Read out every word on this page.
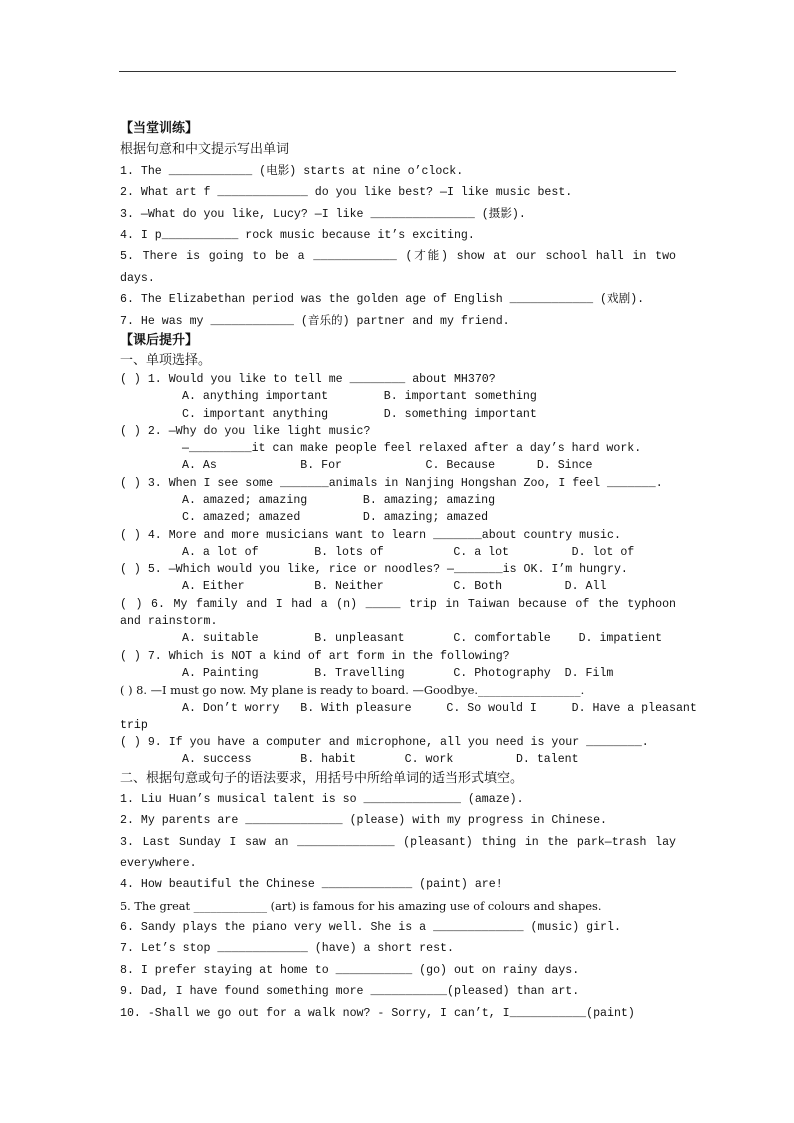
【当堂训练】
根据句意和中文提示写出单词
1. The ____________ (电影) starts at nine o’clock.
2. What art f _____________ do you like best? —I like music best.
3. —What do you like, Lucy? —I like _______________ (摄影).
4. I p___________ rock music because it’s exciting.
5. There is going to be a ____________ (才能) show at our school hall in two
days.
6. The Elizabethan period was the golden age of English ____________ (戏剧).
7. He was my ____________ (音乐的) partner and my friend.
【课后提升】
一、单项选择。
( ) 1. Would you like to tell me ________ about MH370?
A. anything important        B. important something
C. important anything        D. something important
( ) 2. —Why do you like light music?
—_________it can make people feel relaxed after a day’s hard work.
A. As            B. For            C. Because      D. Since
( ) 3. When I see some _______animals in Nanjing Hongshan Zoo, I feel _______.
A. amazed; amazing        B. amazing; amazing
C. amazed; amazed         D. amazing; amazed
( ) 4. More and more musicians want to learn _______about country music.
A. a lot of        B. lots of          C. a lot         D. lot of
( ) 5. —Which would you like, rice or noodles? —_______is OK. I’m hungry.
A. Either          B. Neither          C. Both         D. All
( ) 6. My family and I had a (n) _____ trip in Taiwan because of the typhoon
and rainstorm.
A. suitable        B. unpleasant       C. comfortable    D. impatient
( ) 7. Which is NOT a kind of art form in the following?
A. Painting        B. Travelling       C. Photography  D. Film
( ) 8. —I must go now. My plane is ready to board. —Goodbye.__________________.
A. Don’t worry   B. With pleasure     C. So would I     D. Have a pleasant
trip
( ) 9. If you have a computer and microphone, all you need is your ________.
A. success       B. habit       C. work         D. talent
二、根据句意或句子的语法要求，用括号中所给单词的适当形式填空。
1. Liu Huan’s musical talent is so ______________ (amaze).
2. My parents are ______________ (please) with my progress in Chinese.
3. Last Sunday I saw an ______________ (pleasant) thing in the park—trash lay
everywhere.
4. How beautiful the Chinese _____________ (paint) are!
5. The great _____________ (art) is famous for his amazing use of colours and shapes.
6. Sandy plays the piano very well. She is a _____________ (music) girl.
7. Let’s stop _____________ (have) a short rest.
8. I prefer staying at home to ___________ (go) out on rainy days.
9. Dad, I have found something more ___________(pleased) than art.
10. -Shall we go out for a walk now? - Sorry, I can’t, I___________(paint)
